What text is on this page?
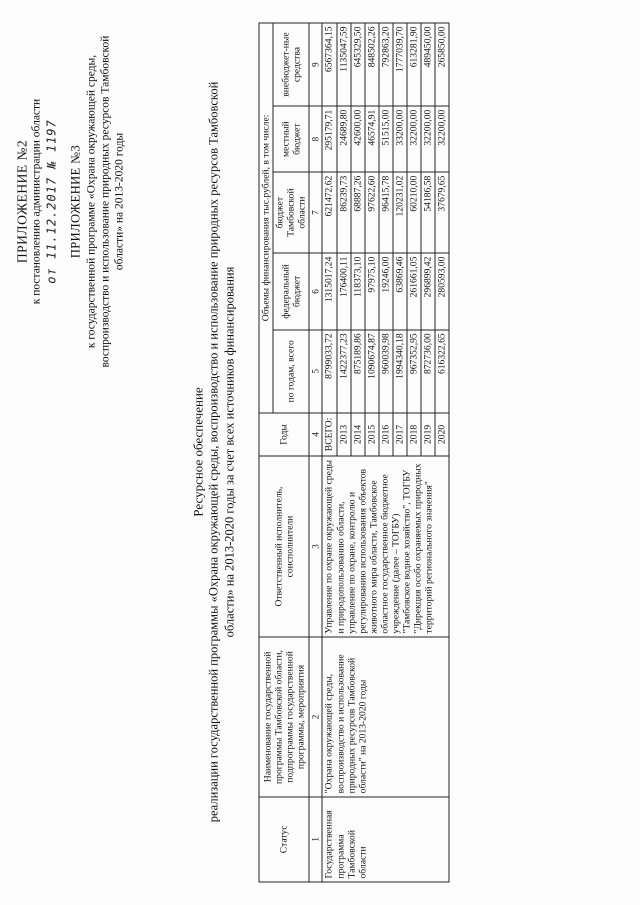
ПРИЛОЖЕНИЕ №2 к постановлению администрации области от 11.12.2017 № 1197 ПРИЛОЖЕНИЕ №3 к государственной программе «Охрана окружающей среды, воспроизводство и использование природных ресурсов Тамбовской области» на 2013-2020 годы
Ресурсное обеспечение реализации государственной программы «Охрана окружающей среды, воспроизводство и использование природных ресурсов Тамбовской области» на 2013-2020 годы за счет всех источников финансирования
Статус	Наименование государственной программы Тамбовской области, подпрограммы государственной программы, мероприятия	Ответственный исполнитель, соисполнители	Годы	Объемы финансирования тыс.рублей, в том числе:				
				по годам, всего	федеральный бюджет	бюджет Тамбовской области	местный бюджет	внебюджет-ные средства
1	2	3	4	5	6	7	8	9
Государственная программа Тамбовской области	"Охрана окружающей среды, воспроизводство и использование природных ресурсов Тамбовской области" на 2013-2020 годы	Управление по охране окружающей среды и природопользованию области, управление по охране, контролю и регулированию использования объектов животного мира области, Тамбовское областное государственное бюджетное учреждение (далее – ТОГБУ) "Тамбовское водное хозяйство", ТОГБУ "Дирекция особо охраняемых природных территорий регионального значения"	ВСЕГО:	8799033,72	1315017,24	621472,62	295179,71	6567364,15
			2013	1422377,23	176400,11	86239,73	24689,80	1135047,59
			2014	875189,86	118373,10	68887,26	42600,00	645329,50
			2015	1090674,87	97975,10	97622,60	46574,91	848502,26
			2016	960039,98	19246,00	96415,78	51515,00	792863,20
			2017	1994340,18	63869,46	120231,02	33200,00	1777039,70
			2018	967352,95	261661,05	60210,00	32200,00	613281,90
			2019	872736,00	296899,42	54186,58	32200,00	489450,00
			2020	616322,65	280593,00	37679,65	32200,00	265850,00
